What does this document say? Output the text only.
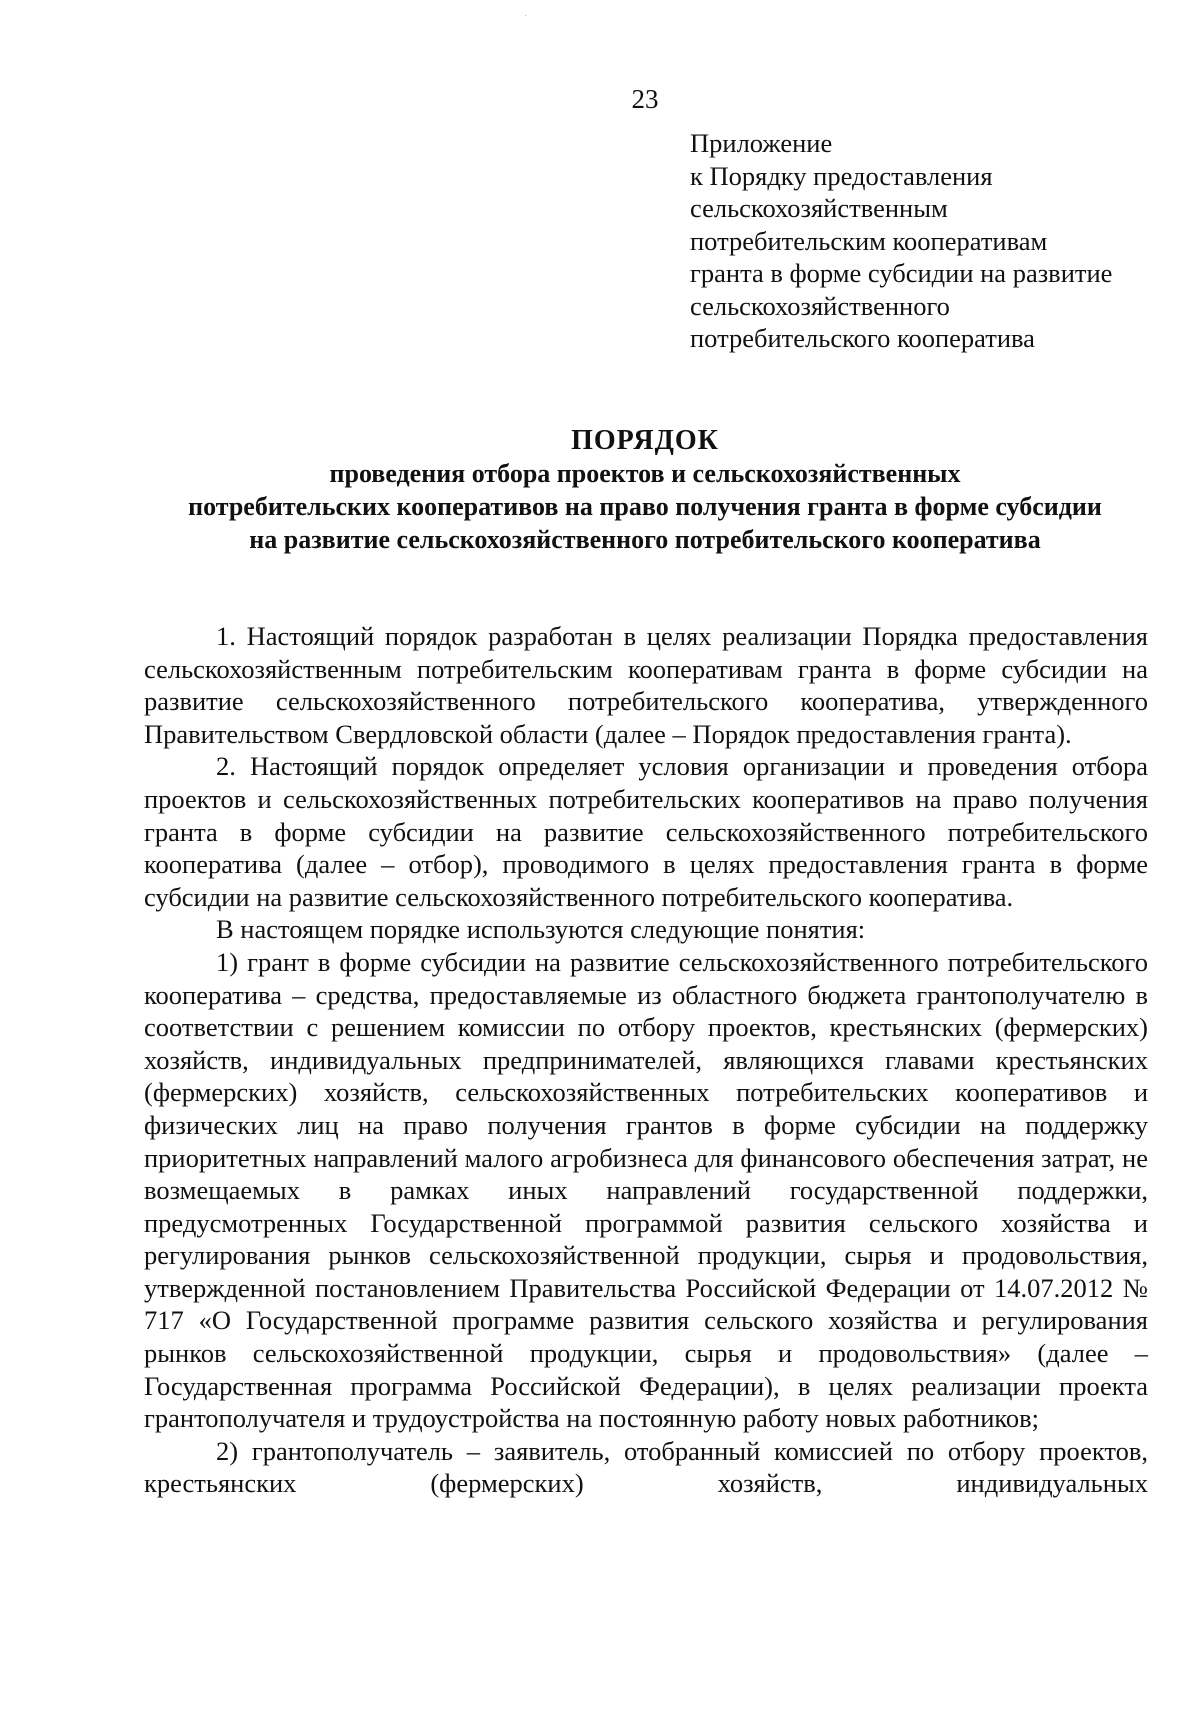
˙
23
Приложение
к Порядку предоставления
сельскохозяйственным
потребительским кооперативам
гранта в форме субсидии на развитие
сельскохозяйственного
потребительского кооператива
ПОРЯДОК
проведения отбора проектов и сельскохозяйственных
потребительских кооперативов на право получения гранта в форме субсидии
на развитие сельскохозяйственного потребительского кооператива

1. Настоящий порядок разработан в целях реализации Порядка предоставления сельскохозяйственным потребительским кооперативам гранта в форме субсидии на развитие сельскохозяйственного потребительского кооператива, утвержденного Правительством Свердловской области (далее – Порядок предоставления гранта).

2. Настоящий порядок определяет условия организации и проведения отбора проектов и сельскохозяйственных потребительских кооперативов на право получения гранта в форме субсидии на развитие сельскохозяйственного потребительского кооператива (далее – отбор), проводимого в целях предоставления гранта в форме субсидии на развитие сельскохозяйственного потребительского кооператива.

В настоящем порядке используются следующие понятия:

1) грант в форме субсидии на развитие сельскохозяйственного потребительского кооператива – средства, предоставляемые из областного бюджета грантополучателю в соответствии с решением комиссии по отбору проектов, крестьянских (фермерских) хозяйств, индивидуальных предпринимателей, являющихся главами крестьянских (фермерских) хозяйств, сельскохозяйственных потребительских кооперативов и физических лиц на право получения грантов в форме субсидии на поддержку приоритетных направлений малого агробизнеса для финансового обеспечения затрат, не возмещаемых в рамках иных направлений государственной поддержки, предусмотренных Государственной программой развития сельского хозяйства и регулирования рынков сельскохозяйственной продукции, сырья и продовольствия, утвержденной постановлением Правительства Российской Федерации от 14.07.2012 № 717 «О Государственной программе развития сельского хозяйства и регулирования рынков сельскохозяйственной продукции, сырья и продовольствия» (далее – Государственная программа Российской Федерации), в целях реализации проекта грантополучателя и трудоустройства на постоянную работу новых работников;

2) грантополучатель – заявитель, отобранный комиссией по отбору проектов, крестьянских (фермерских) хозяйств, индивидуальных
